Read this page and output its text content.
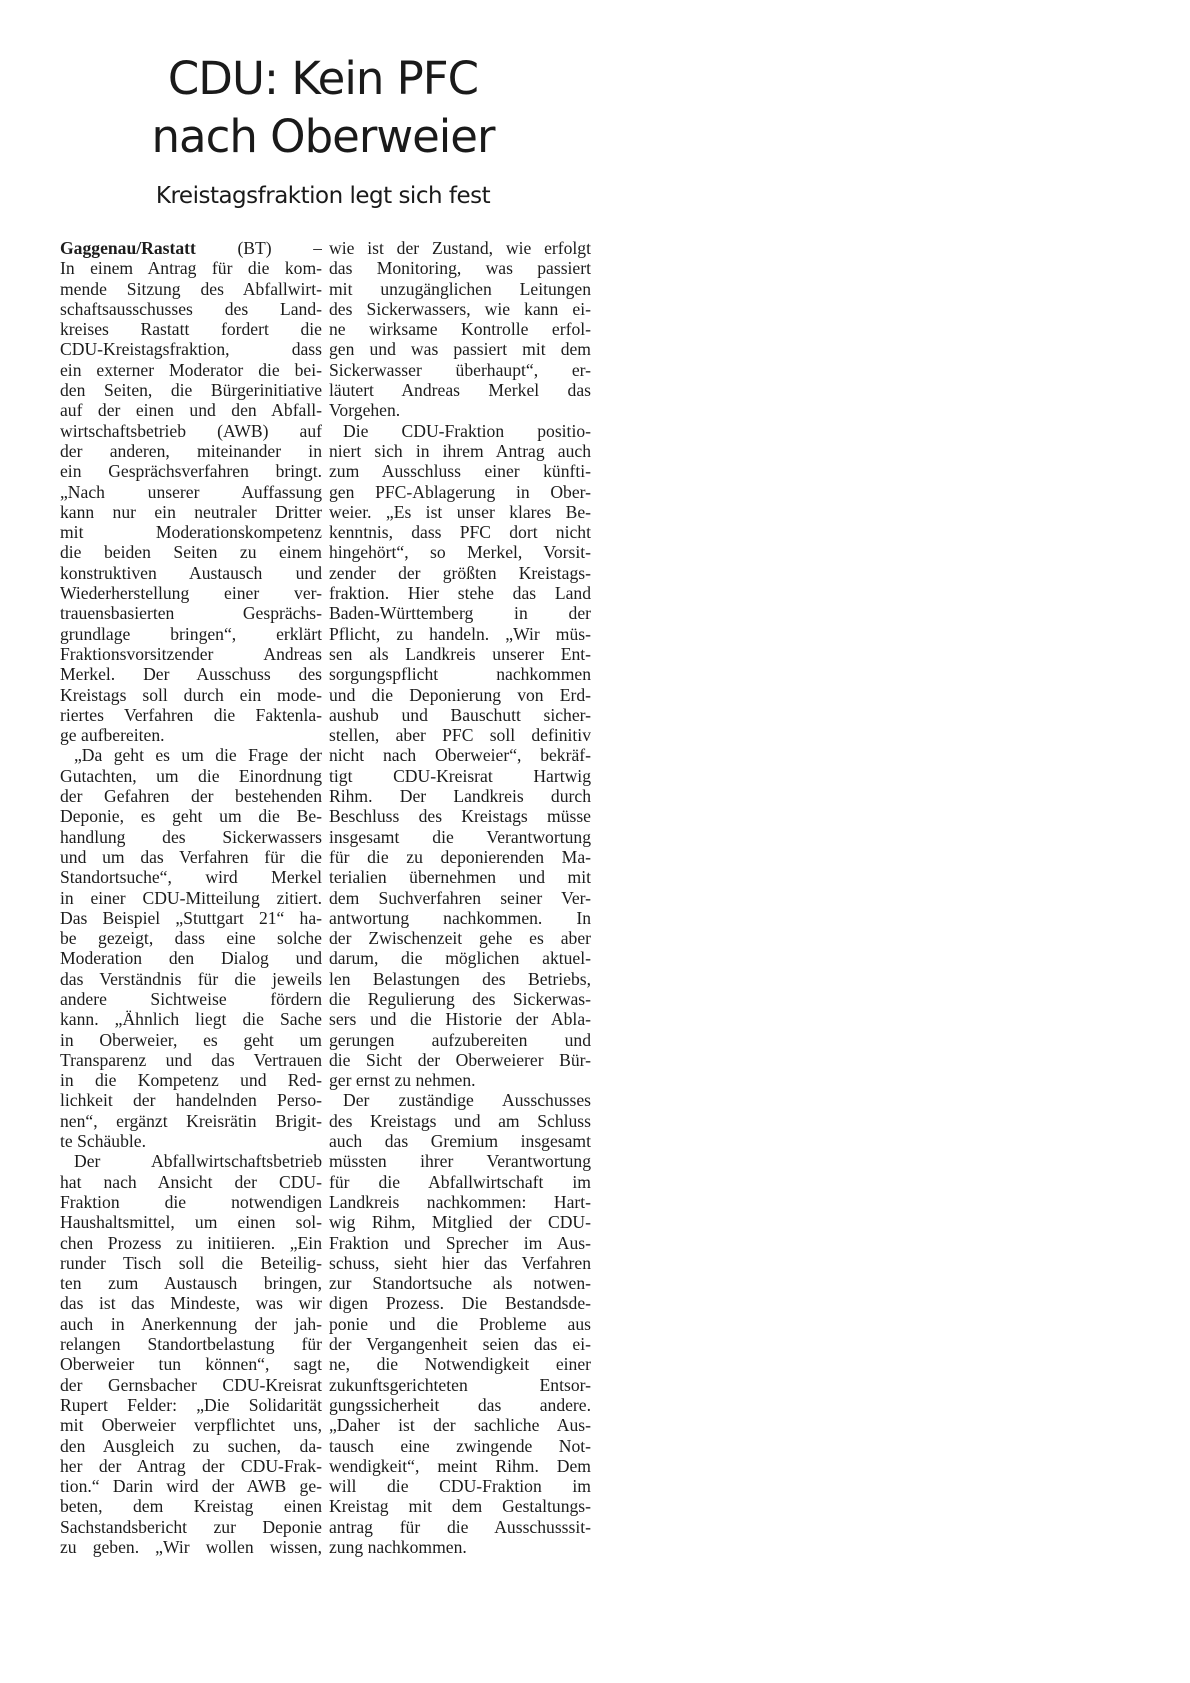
CDU: Kein PFC
nach Oberweier
Kreistagsfraktion legt sich fest
Gaggenau/Rastatt (BT) –
In einem Antrag für die kom-
mende Sitzung des Abfallwirt-
schaftsausschusses des Land-
kreises Rastatt fordert die
CDU-Kreistagsfraktion, dass
ein externer Moderator die bei-
den Seiten, die Bürgerinitiative
auf der einen und den Abfall-
wirtschaftsbetrieb (AWB) auf
der anderen, miteinander in
ein Gesprächsverfahren bringt.
„Nach unserer Auffassung
kann nur ein neutraler Dritter
mit Moderationskompetenz
die beiden Seiten zu einem
konstruktiven Austausch und
Wiederherstellung einer ver-
trauensbasierten Gesprächs-
grundlage bringen“, erklärt
Fraktionsvorsitzender Andreas
Merkel. Der Ausschuss des
Kreistags soll durch ein mode-
riertes Verfahren die Faktenla-
ge aufbereiten.
„Da geht es um die Frage der
Gutachten, um die Einordnung
der Gefahren der bestehenden
Deponie, es geht um die Be-
handlung des Sickerwassers
und um das Verfahren für die
Standortsuche“, wird Merkel
in einer CDU-Mitteilung zitiert.
Das Beispiel „Stuttgart 21“ ha-
be gezeigt, dass eine solche
Moderation den Dialog und
das Verständnis für die jeweils
andere Sichtweise fördern
kann. „Ähnlich liegt die Sache
in Oberweier, es geht um
Transparenz und das Vertrauen
in die Kompetenz und Red-
lichkeit der handelnden Perso-
nen“, ergänzt Kreisrätin Brigit-
te Schäuble.
Der Abfallwirtschaftsbetrieb
hat nach Ansicht der CDU-
Fraktion die notwendigen
Haushaltsmittel, um einen sol-
chen Prozess zu initiieren. „Ein
runder Tisch soll die Beteilig-
ten zum Austausch bringen,
das ist das Mindeste, was wir
auch in Anerkennung der jah-
relangen Standortbelastung für
Oberweier tun können“, sagt
der Gernsbacher CDU-Kreisrat
Rupert Felder: „Die Solidarität
mit Oberweier verpflichtet uns,
den Ausgleich zu suchen, da-
her der Antrag der CDU-Frak-
tion.“ Darin wird der AWB ge-
beten, dem Kreistag einen
Sachstandsbericht zur Deponie
zu geben. „Wir wollen wissen,
wie ist der Zustand, wie erfolgt
das Monitoring, was passiert
mit unzugänglichen Leitungen
des Sickerwassers, wie kann ei-
ne wirksame Kontrolle erfol-
gen und was passiert mit dem
Sickerwasser überhaupt“, er-
läutert Andreas Merkel das
Vorgehen.
Die CDU-Fraktion positio-
niert sich in ihrem Antrag auch
zum Ausschluss einer künfti-
gen PFC-Ablagerung in Ober-
weier. „Es ist unser klares Be-
kenntnis, dass PFC dort nicht
hingehört“, so Merkel, Vorsit-
zender der größten Kreistags-
fraktion. Hier stehe das Land
Baden-Württemberg in der
Pflicht, zu handeln. „Wir müs-
sen als Landkreis unserer Ent-
sorgungspflicht nachkommen
und die Deponierung von Erd-
aushub und Bauschutt sicher-
stellen, aber PFC soll definitiv
nicht nach Oberweier“, bekräf-
tigt CDU-Kreisrat Hartwig
Rihm. Der Landkreis durch
Beschluss des Kreistags müsse
insgesamt die Verantwortung
für die zu deponierenden Ma-
terialien übernehmen und mit
dem Suchverfahren seiner Ver-
antwortung nachkommen. In
der Zwischenzeit gehe es aber
darum, die möglichen aktuel-
len Belastungen des Betriebs,
die Regulierung des Sickerwas-
sers und die Historie der Abla-
gerungen aufzubereiten und
die Sicht der Oberweierer Bür-
ger ernst zu nehmen.
Der zuständige Ausschusses
des Kreistags und am Schluss
auch das Gremium insgesamt
müssten ihrer Verantwortung
für die Abfallwirtschaft im
Landkreis nachkommen: Hart-
wig Rihm, Mitglied der CDU-
Fraktion und Sprecher im Aus-
schuss, sieht hier das Verfahren
zur Standortsuche als notwen-
digen Prozess. Die Bestandsde-
ponie und die Probleme aus
der Vergangenheit seien das ei-
ne, die Notwendigkeit einer
zukunftsgerichteten Entsor-
gungssicherheit das andere.
„Daher ist der sachliche Aus-
tausch eine zwingende Not-
wendigkeit“, meint Rihm. Dem
will die CDU-Fraktion im
Kreistag mit dem Gestaltungs-
antrag für die Ausschusssit-
zung nachkommen.
